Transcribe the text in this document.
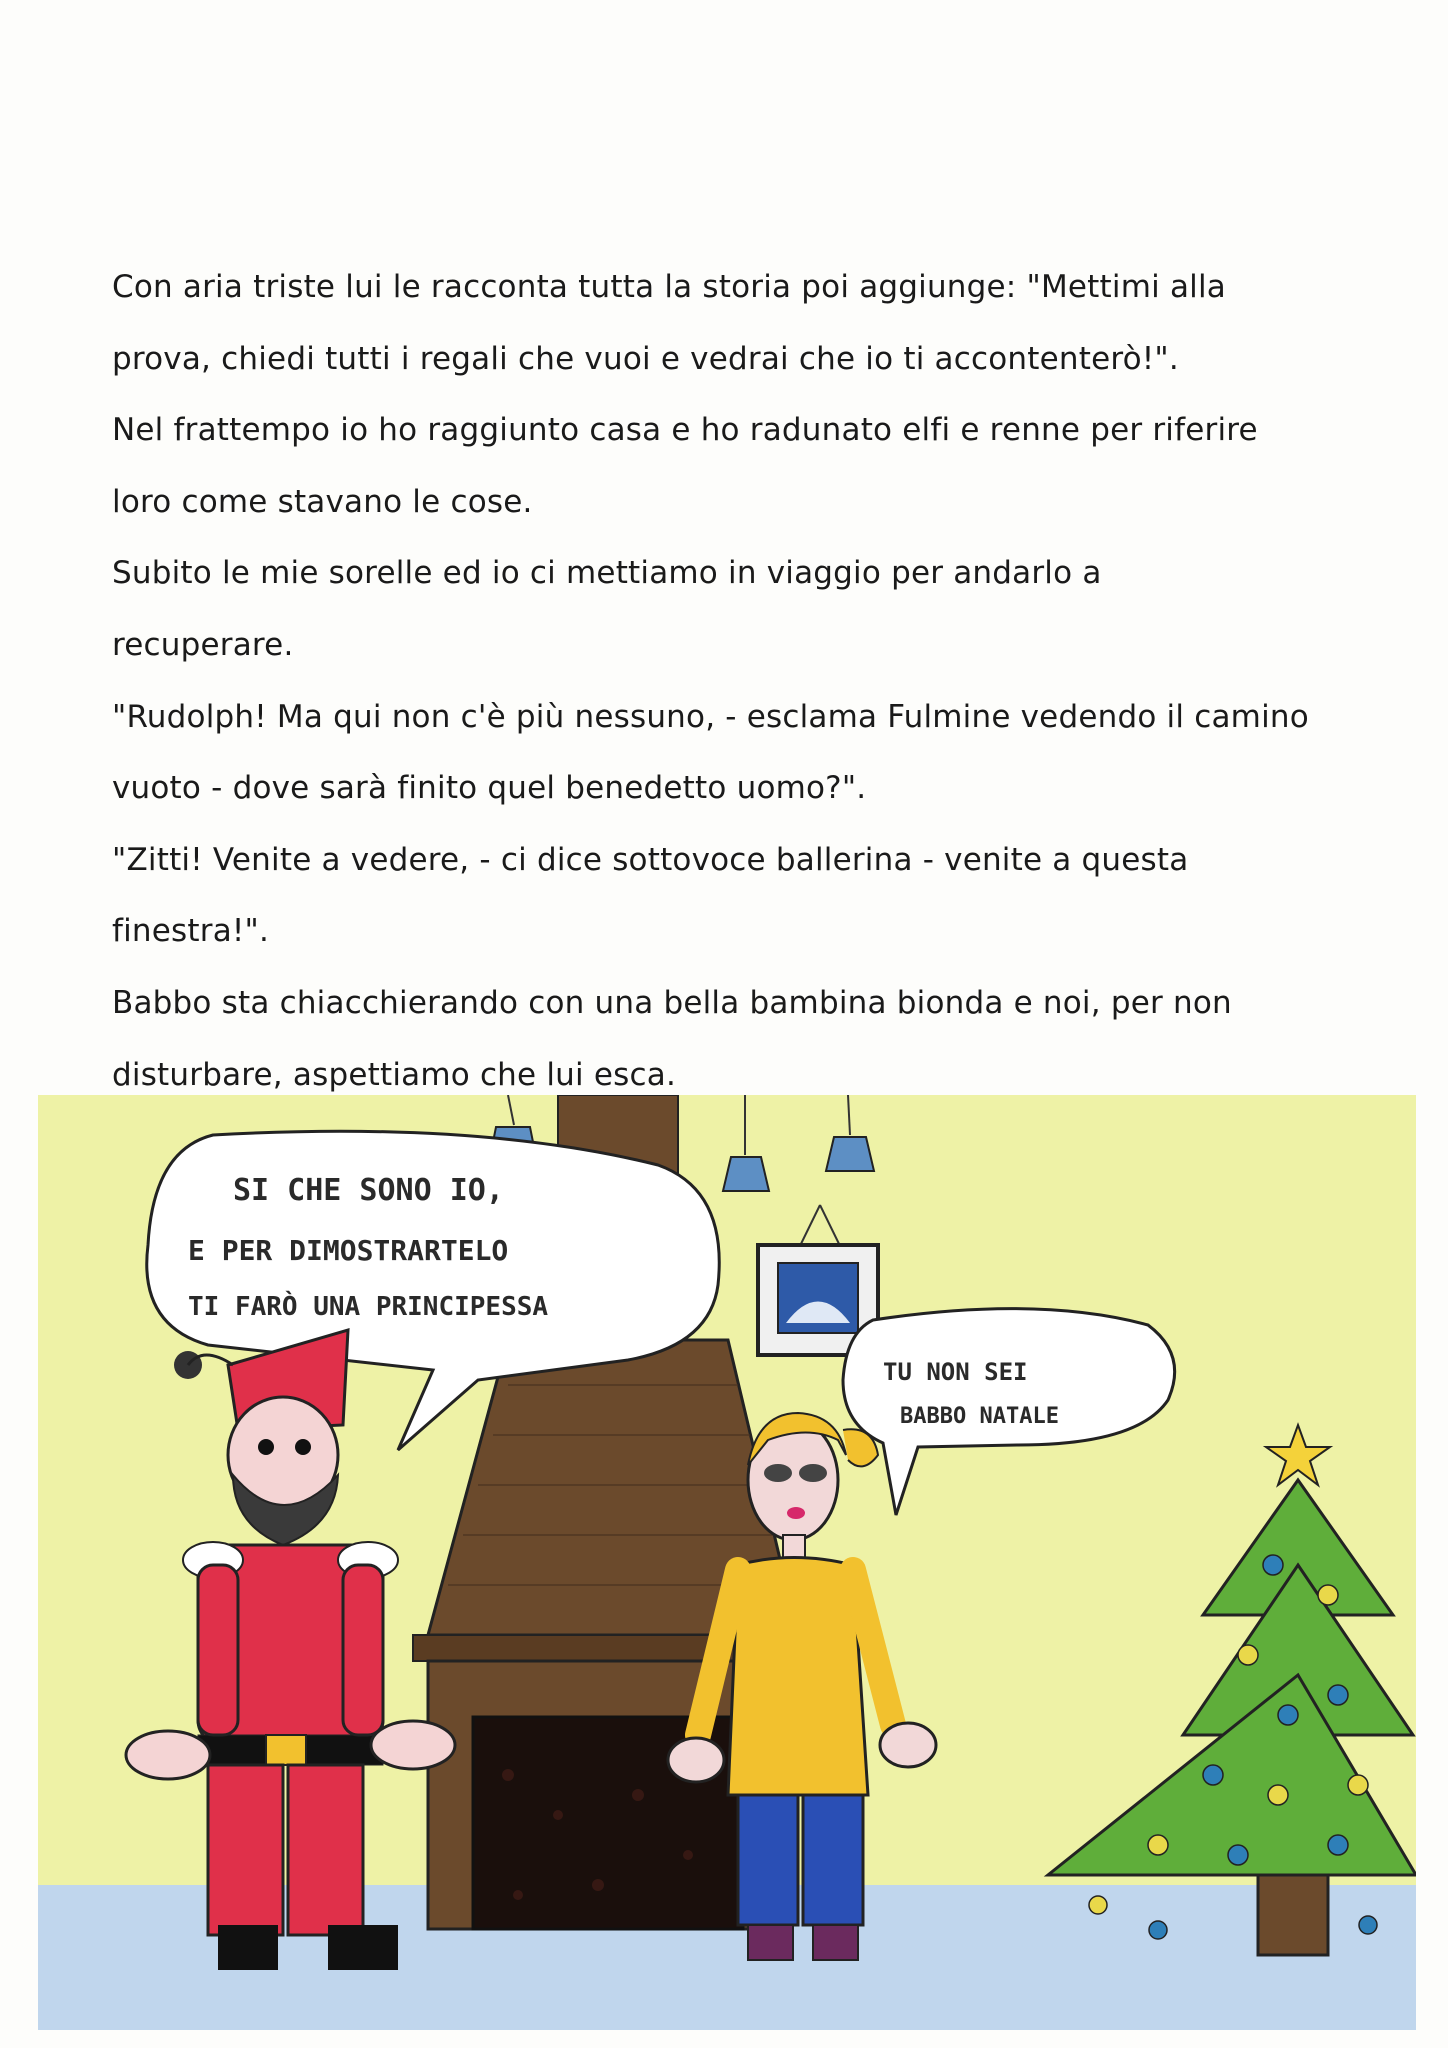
Con aria triste lui le racconta tutta la storia poi aggiunge: "Mettimi alla
prova, chiedi tutti i regali che vuoi e vedrai che io ti accontenterò!".
Nel frattempo io ho raggiunto casa e ho radunato elfi e renne per riferire
loro come stavano le cose.
Subito le mie sorelle ed io ci mettiamo in viaggio per andarlo a
recuperare.
"Rudolph! Ma qui non c'è più nessuno, - esclama Fulmine vedendo il camino
vuoto - dove sarà finito quel benedetto uomo?".
"Zitti! Venite a vedere, - ci dice sottovoce ballerina - venite a questa
finestra!".
Babbo sta chiacchierando con una bella bambina bionda e noi, per non
disturbare, aspettiamo che lui esca.
SI CHE SONO IO,
E PER DIMOSTRARTELO
TI FARÒ UNA PRINCIPESSA
TU NON SEI
BABBO NATALE
